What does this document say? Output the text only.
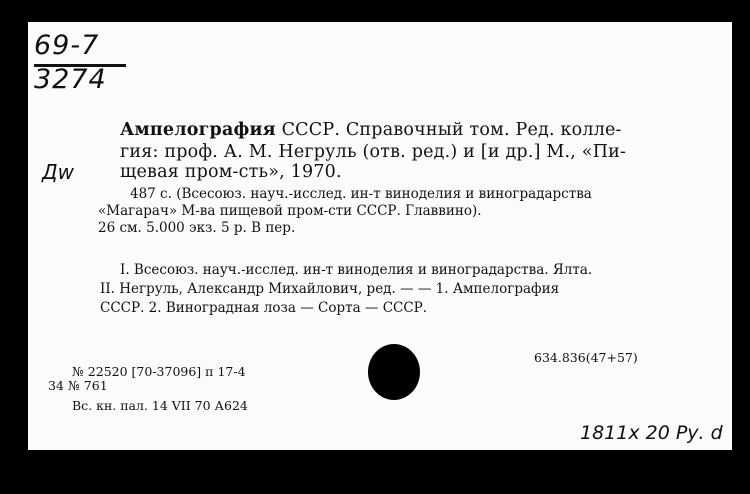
69-7
3274
Дw
Ампелография СССР. Справочный том. Ред. колле-
гия: проф. А. М. Негруль (отв. ред.) и [и др.] М., «Пи-
щевая пром-сть», 1970.
487 с. (Всесоюз. науч.-исслед. ин-т виноделия и виноградарства
«Магарач» М-ва пищевой пром-сти СССР. Главвино).
26 см. 5.000 экз. 5 р. В пер.
I. Всесоюз. науч.-исслед. ин-т виноделия и виноградарства. Ялта.
II. Негруль, Александр Михайлович, ред. — — 1. Ампелография
СССР. 2. Виноградная лоза — Сорта — СССР.
№ 22520 [70-37096] п 17-4
634.836(47+57)
34 № 761
Вс. кн. пал. 14 VII 70 А624
1811x 20 Ру. d
